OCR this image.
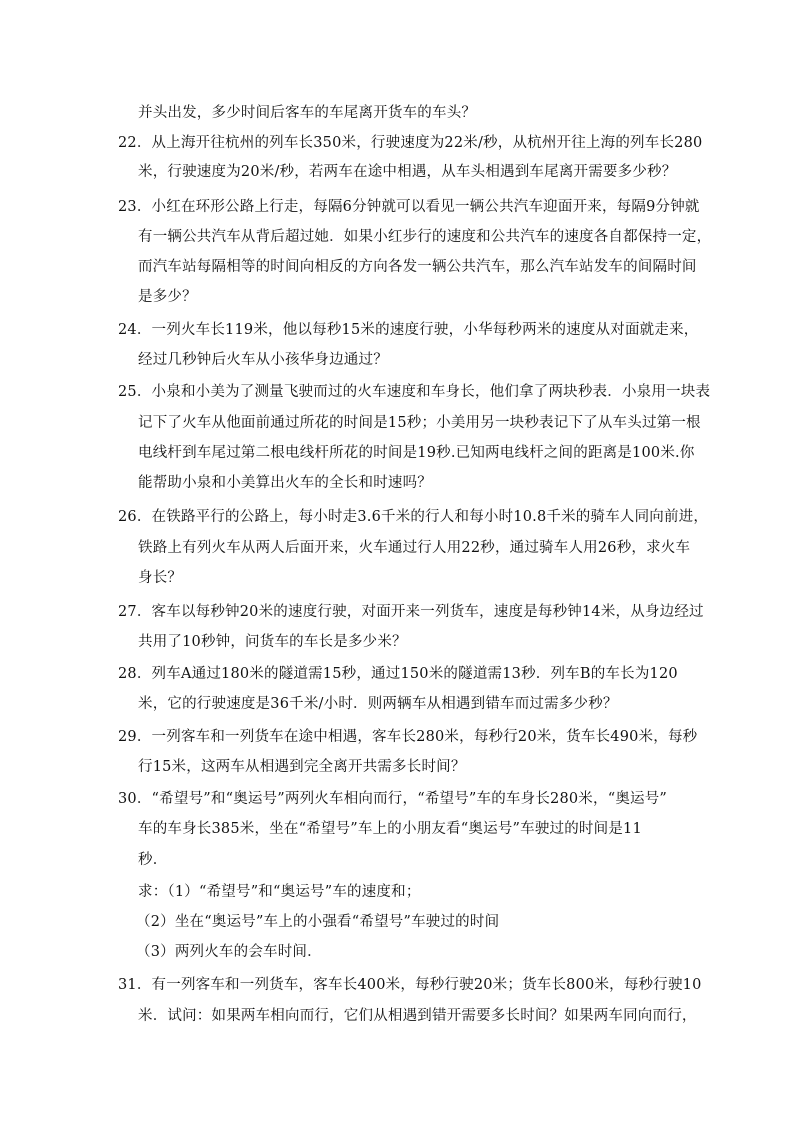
并头出发，多少时间后客车的车尾离开货车的车头？
22．从上海开往杭州的列车长350米，行驶速度为22米/秒，从杭州开往上海的列车长280
米，行驶速度为20米/秒，若两车在途中相遇，从车头相遇到车尾离开需要多少秒？
23．小红在环形公路上行走，每隔6分钟就可以看见一辆公共汽车迎面开来，每隔9分钟就
有一辆公共汽车从背后超过她．如果小红步行的速度和公共汽车的速度各自都保持一定，
而汽车站每隔相等的时间向相反的方向各发一辆公共汽车，那么汽车站发车的间隔时间
是多少？
24．一列火车长119米，他以每秒15米的速度行驶，小华每秒两米的速度从对面就走来，
经过几秒钟后火车从小孩华身边通过？
25．小泉和小美为了测量飞驶而过的火车速度和车身长，他们拿了两块秒表．小泉用一块表
记下了火车从他面前通过所花的时间是15秒；小美用另一块秒表记下了从车头过第一根
电线杆到车尾过第二根电线杆所花的时间是19秒.已知两电线杆之间的距离是100米.你
能帮助小泉和小美算出火车的全长和时速吗？
26．在铁路平行的公路上，每小时走3.6千米的行人和每小时10.8千米的骑车人同向前进，
铁路上有列火车从两人后面开来，火车通过行人用22秒，通过骑车人用26秒，求火车
身长？
27．客车以每秒钟20米的速度行驶，对面开来一列货车，速度是每秒钟14米，从身边经过
共用了10秒钟，问货车的车长是多少米？
28．列车A通过180米的隧道需15秒，通过150米的隧道需13秒．列车B的车长为120
米，它的行驶速度是36千米/小时．则两辆车从相遇到错车而过需多少秒？
29．一列客车和一列货车在途中相遇，客车长280米，每秒行20米，货车长490米，每秒
行15米，这两车从相遇到完全离开共需多长时间？
30．“希望号”和“奥运号”两列火车相向而行，“希望号”车的车身长280米，“奥运号”
车的车身长385米，坐在“希望号”车上的小朋友看“奥运号”车驶过的时间是11
秒．
求：（1）“希望号”和“奥运号”车的速度和；
（2）坐在“奥运号”车上的小强看“希望号”车驶过的时间
（3）两列火车的会车时间．
31．有一列客车和一列货车，客车长400米，每秒行驶20米；货车长800米，每秒行驶10
米．试问：如果两车相向而行，它们从相遇到错开需要多长时间？如果两车同向而行，
